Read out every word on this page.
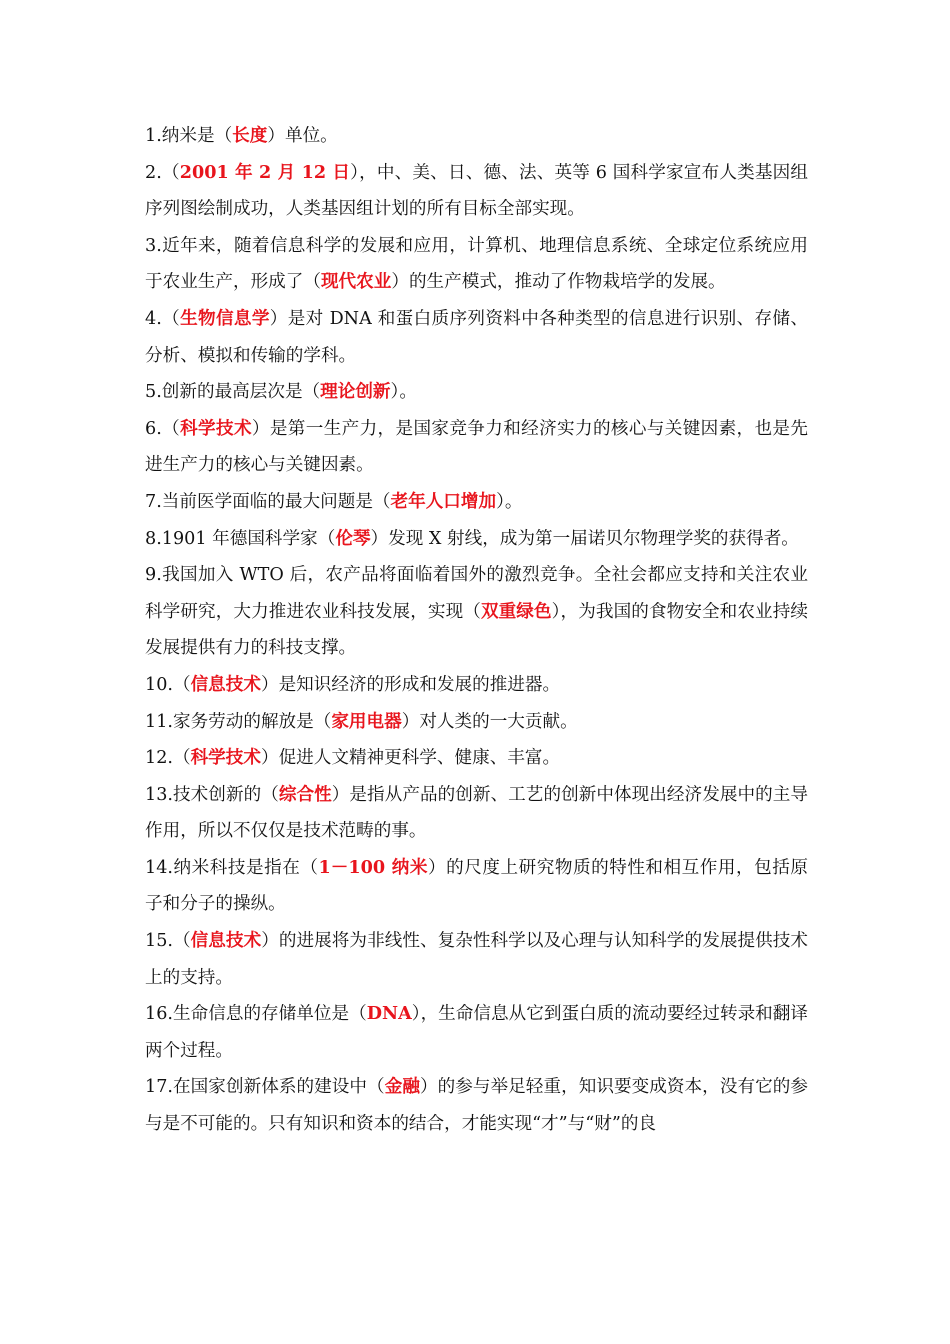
1.纳米是（长度）单位。

2.（2001 年 2 月 12 日），中、美、日、德、法、英等 6 国科学家宣布人类基因组序列图绘制成功，人类基因组计划的所有目标全部实现。

3.近年来，随着信息科学的发展和应用，计算机、地理信息系统、全球定位系统应用于农业生产，形成了（现代农业）的生产模式，推动了作物栽培学的发展。

4.（生物信息学）是对 DNA 和蛋白质序列资料中各种类型的信息进行识别、存储、分析、模拟和传输的学科。

5.创新的最高层次是（理论创新）。

6.（科学技术）是第一生产力，是国家竞争力和经济实力的核心与关键因素，也是先进生产力的核心与关键因素。

7.当前医学面临的最大问题是（老年人口增加）。

8.1901 年德国科学家（伦琴）发现 X 射线，成为第一届诺贝尔物理学奖的获得者。

9.我国加入 WTO 后，农产品将面临着国外的激烈竞争。全社会都应支持和关注农业科学研究，大力推进农业科技发展，实现（双重绿色），为我国的食物安全和农业持续发展提供有力的科技支撑。

10.（信息技术）是知识经济的形成和发展的推进器。

11.家务劳动的解放是（家用电器）对人类的一大贡献。

12.（科学技术）促进人文精神更科学、健康、丰富。

13.技术创新的（综合性）是指从产品的创新、工艺的创新中体现出经济发展中的主导作用，所以不仅仅是技术范畴的事。

14.纳米科技是指在（1－100 纳米）的尺度上研究物质的特性和相互作用，包括原子和分子的操纵。

15.（信息技术）的进展将为非线性、复杂性科学以及心理与认知科学的发展提供技术上的支持。

16.生命信息的存储单位是（DNA），生命信息从它到蛋白质的流动要经过转录和翻译两个过程。

17.在国家创新体系的建设中（金融）的参与举足轻重，知识要变成资本，没有它的参与是不可能的。只有知识和资本的结合，才能实现“才”与“财”的良
